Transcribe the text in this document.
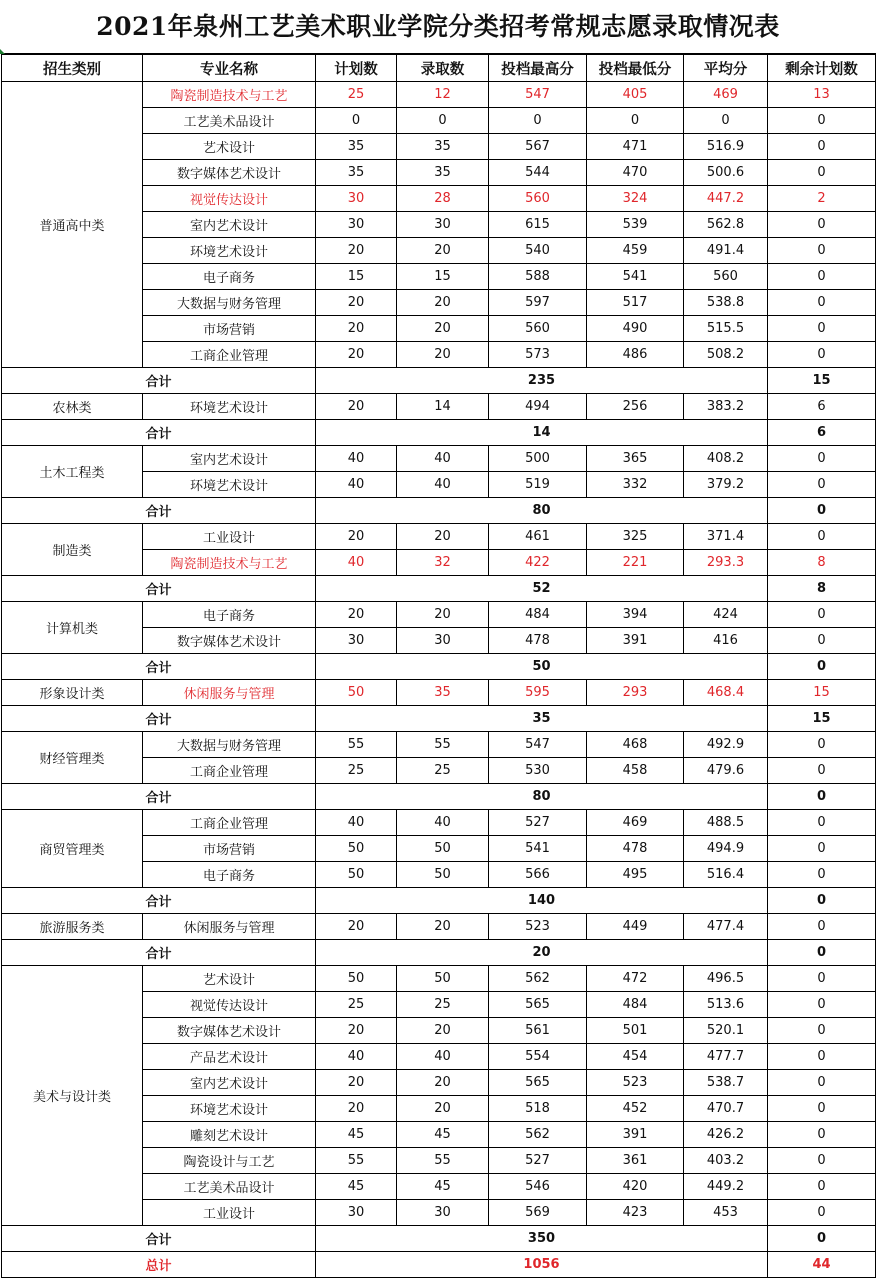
2021年泉州工艺美术职业学院分类招考常规志愿录取情况表
招生类别	专业名称	计划数	录取数	投档最高分	投档最低分	平均分	剩余计划数
普通高中类	陶瓷制造技术与工艺	25	12	547	405	469	13
	工艺美术品设计	0	0	0	0	0	0
	艺术设计	35	35	567	471	516.9	0
	数字媒体艺术设计	35	35	544	470	500.6	0
	视觉传达设计	30	28	560	324	447.2	2
	室内艺术设计	30	30	615	539	562.8	0
	环境艺术设计	20	20	540	459	491.4	0
	电子商务	15	15	588	541	560	0
	大数据与财务管理	20	20	597	517	538.8	0
	市场营销	20	20	560	490	515.5	0
	工商企业管理	20	20	573	486	508.2	0
合计		235					15
农林类	环境艺术设计	20	14	494	256	383.2	6
合计		14					6
土木工程类	室内艺术设计	40	40	500	365	408.2	0
	环境艺术设计	40	40	519	332	379.2	0
合计		80					0
制造类	工业设计	20	20	461	325	371.4	0
	陶瓷制造技术与工艺	40	32	422	221	293.3	8
合计		52					8
计算机类	电子商务	20	20	484	394	424	0
	数字媒体艺术设计	30	30	478	391	416	0
合计		50					0
形象设计类	休闲服务与管理	50	35	595	293	468.4	15
合计		35					15
财经管理类	大数据与财务管理	55	55	547	468	492.9	0
	工商企业管理	25	25	530	458	479.6	0
合计		80					0
商贸管理类	工商企业管理	40	40	527	469	488.5	0
	市场营销	50	50	541	478	494.9	0
	电子商务	50	50	566	495	516.4	0
合计		140					0
旅游服务类	休闲服务与管理	20	20	523	449	477.4	0
合计		20					0
美术与设计类	艺术设计	50	50	562	472	496.5	0
	视觉传达设计	25	25	565	484	513.6	0
	数字媒体艺术设计	20	20	561	501	520.1	0
	产品艺术设计	40	40	554	454	477.7	0
	室内艺术设计	20	20	565	523	538.7	0
	环境艺术设计	20	20	518	452	470.7	0
	雕刻艺术设计	45	45	562	391	426.2	0
	陶瓷设计与工艺	55	55	527	361	403.2	0
	工艺美术品设计	45	45	546	420	449.2	0
	工业设计	30	30	569	423	453	0
合计		350					0
总计		1056					44
